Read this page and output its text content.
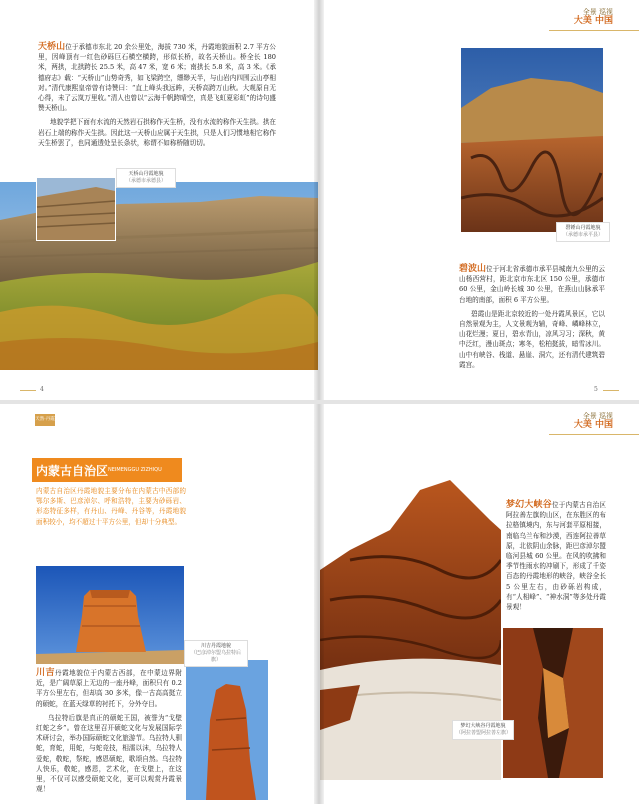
天桥山位于承德市东北 20 余公里处，海拔 730 米，丹霞地貌面积 2.7 平方公里，因峰顶有一红色砂砾巨石横空横跨，形似长桥，故名天桥山。桥全长 180 米，两拱，北拱跨长 25.5 米，高 47 米，宽 6 米；南拱长 5.8 米，高 3 米。《承德府志》载：“天桥山”山势奇秀，如飞梁跨空，缥缈天半，与山岩内四围云山亭相对。”清代康熙皇帝曾有诗赞曰：“直上峰头我远眸，天桥高跨万山秋。大观原自无心得，未了云岚万里收。”清人也曾以“云海千帆跨晴空，真是飞虹夏彩虹”的诗句盛赞天桥山。
地貌学把下面有水流的天然岩石拱称作天生桥，没有水流的称作天生拱。拱在岩石上端的称作天生拱。因此这一天桥山应属于天生拱，只是人们习惯地相它称作天生桥罢了，也同通透处呈长条状，称谓不如称桥随切切。
天桥山丹霞地貌
（承德市承德县）
4
全景 巡视
大美 中国
磬锤山丹霞地貌
（承德市承平县）
碧波山位于河北省承德市承平县城南九公里的云山杨西营村，距北京市东北区 150 公里，承德市 60 公里，金山岭长城 30 公里，在燕山山脉承平台地的南部，面积 6 平方公里。
碧霞山是距北京较近的一处丹霞风景区，它以自然景观为主，人文景观为辅，奇峰、嶙峰林立，山花烂漫；夏日，碧水青山，凉风习习；深秋，黄中泛红，漫山斑点；寒冬，松柏挺拔，暗雪冰川。山中有峡谷、栈道、悬崖、洞穴，还有清代建筑碧霞宫。
5
天然·丹霞
内蒙古自治区 NEIMENGGU ZIZHIQU
内蒙古自治区丹霞地貌主要分布在内蒙古中西部的鄂尔多斯、巴彦淖尔、呼和浩特，主要为砂砾岩、形态特征多样，有丹山、丹峰、丹谷等，丹霞地貌面积较小，均不超过十平方公里，但却十分典型。
川吉丹霞地貌
（巴彦淖尔盟乌拉特后旗）
川吉丹霞地貌位于内蒙古西部，在中蒙边界附近，是广阔草原上无边的一座丹峰，面积只有 0.2 平方公里左右，但却高 30 多米，像一古高高挺立的硕蛇，在蓝天绿草的衬托下，分外夺目。
乌拉特后旗是真正的硕蛇王国，被誉为“戈壁红蛇之乡”。曾在这里召开硕蛇文化与发展国际学术研讨会，举办国际硕蛇文化旅游节。乌拉特人驯蛇，育蛇，用蛇，与蛇竞技，相濡以沫，乌拉特人爱蛇，敬蛇，祭蛇，感恩硕蛇，歌颂自然。乌拉特人快乐，敬蛇，感恩，艺术化，在戈壁上，在这里，不仅可以感受硕蛇文化，更可以观赏丹霞景观！
全景 巡视
大美 中国
梦幻大峡谷丹霞地貌
（阿拉善盟阿拉善左旗）
梦幻大峡谷位于内蒙古自治区阿拉善左旗的山区，在东胜区的布拉格镇境内，东与河套平原相接，南临乌兰布和沙漠，西连阿拉善草原，北依阴山余脉，距巴彦淖尔盟临河县城 60 公里。在风的吹拂和季节性雨水的冲刷下，形成了千姿百态的丹霞地形的峡谷，峡谷全长 5 公里左右，由砂砾岩构成，有“人相峰”、“神水洞”等多处丹霞景观！
